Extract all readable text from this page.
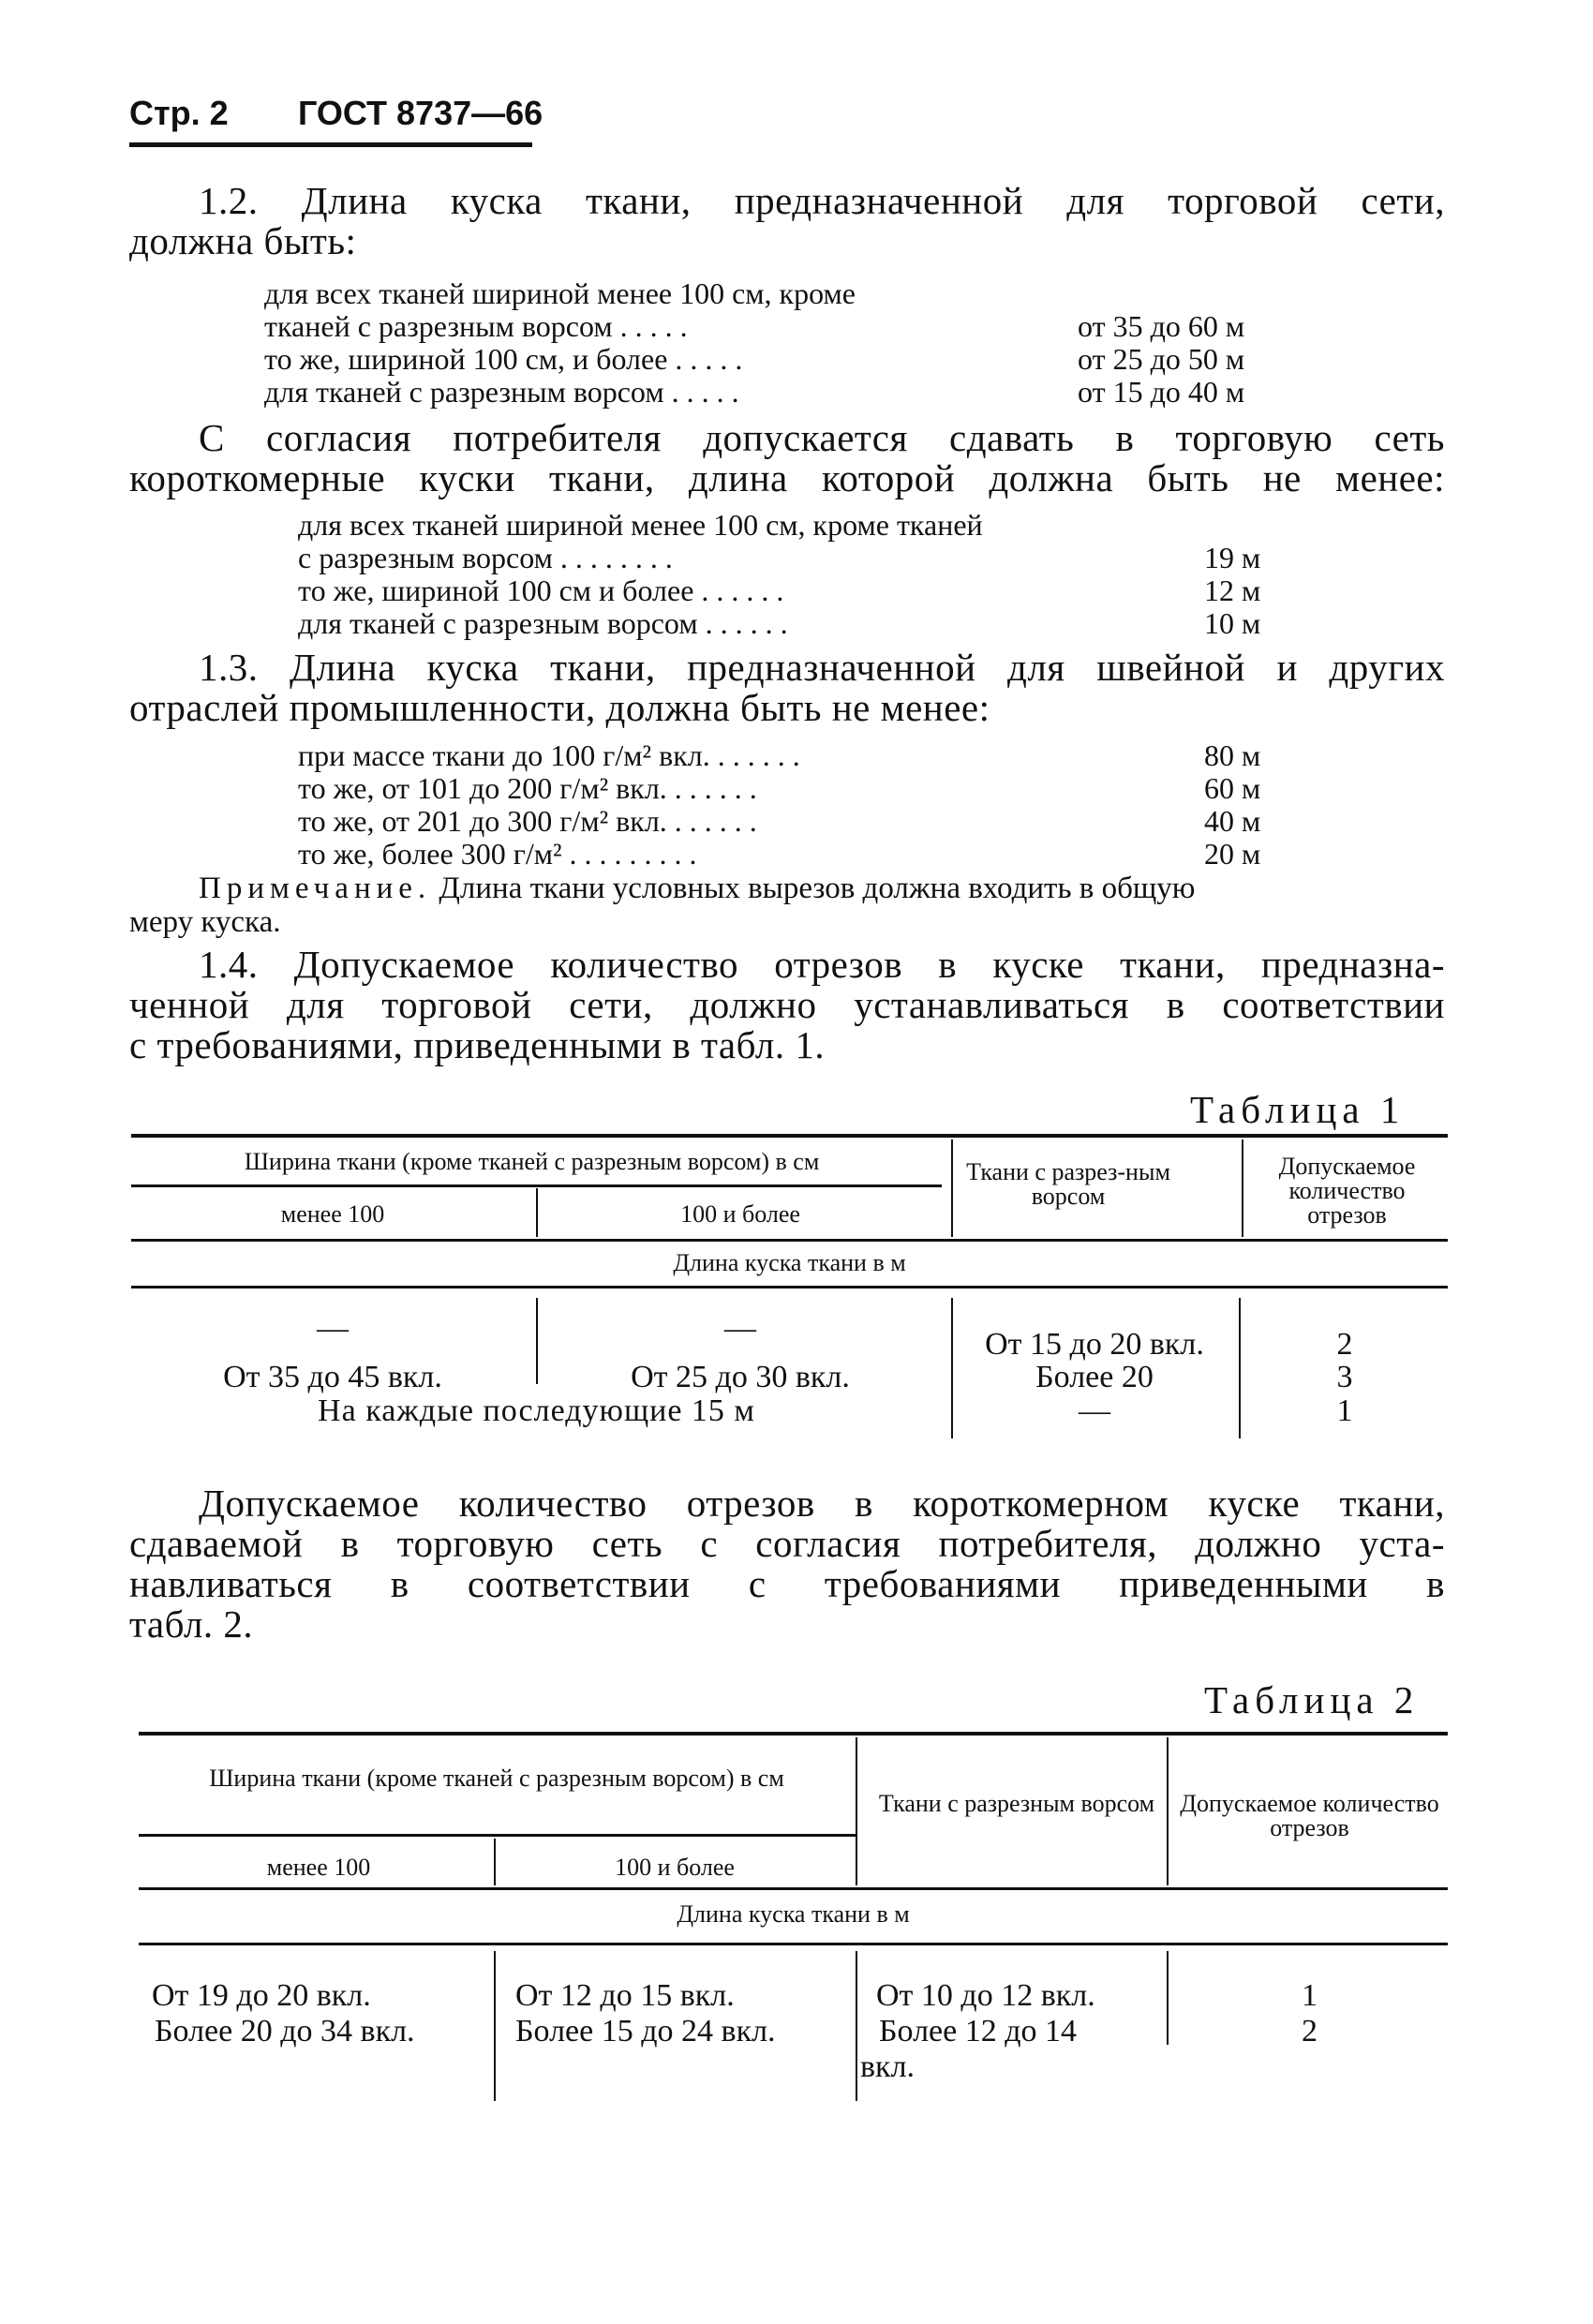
Стр. 2 ГОСТ 8737—66
1.2. Длина куска ткани, предназначенной для торговой сети,
должна быть:
для всех тканей шириной менее 100 см, кроме
тканей с разрезным ворсом . . . . .	от 35 до 60 м
то же, шириной 100 см, и более . . . . .	от 25 до 50 м
для тканей с разрезным ворсом . . . . .	от 15 до 40 м
С согласия потребителя допускается сдавать в торговую сеть
короткомерные куски ткани, длина которой должна быть не менее:
для всех тканей шириной менее 100 см, кроме тканей
с разрезным ворсом . . . . . . . .	19 м
то же, шириной 100 см и более . . . . . .	12 м
для тканей с разрезным ворсом . . . . . .	10 м
1.3. Длина куска ткани, предназначенной для швейной и других
отраслей промышленности, должна быть не менее:
при массе ткани до 100 г/м² вкл. . . . . . .	80 м
то же, от 101 до 200 г/м² вкл. . . . . . .	60 м
то же, от 201 до 300 г/м² вкл. . . . . . .	40 м
то же, более 300 г/м² . . . . . . . . .	20 м
Примечание. Длина ткани условных вырезов должна входить в общую
меру куска.
1.4. Допускаемое количество отрезов в куске ткани, предназна-
ченной для торговой сети, должно устанавливаться в соответствии
с требованиями, приведенными в табл. 1.
Таблица 1
Ширина ткани (кроме тканей с разрезным ворсом) в см
менее 100	100 и более
Ткани с разрез-ным ворсом
Допускаемое количество отрезов
Длина куска ткани в м
—	—	От 15 до 20 вкл.	2
От 35 до 45 вкл.	От 25 до 30 вкл.	Более 20	3
На каждые последующие 15 м	—	1
Допускаемое количество отрезов в короткомерном куске ткани,
сдаваемой в торговую сеть с согласия потребителя, должно уста-
навливаться в соответствии с требованиями приведенными в
табл. 2.
Таблица 2
Ширина ткани (кроме тканей с разрезным ворсом) в см
менее 100	100 и более
Ткани с разрезным ворсом	Допускаемое количество отрезов
Длина куска ткани в м
От 19 до 20 вкл.	От 12 до 15 вкл.	От 10 до 12 вкл.	1
Более 20 до 34 вкл.	Более 15 до 24 вкл.	Более 12 до 14	2
вкл.
